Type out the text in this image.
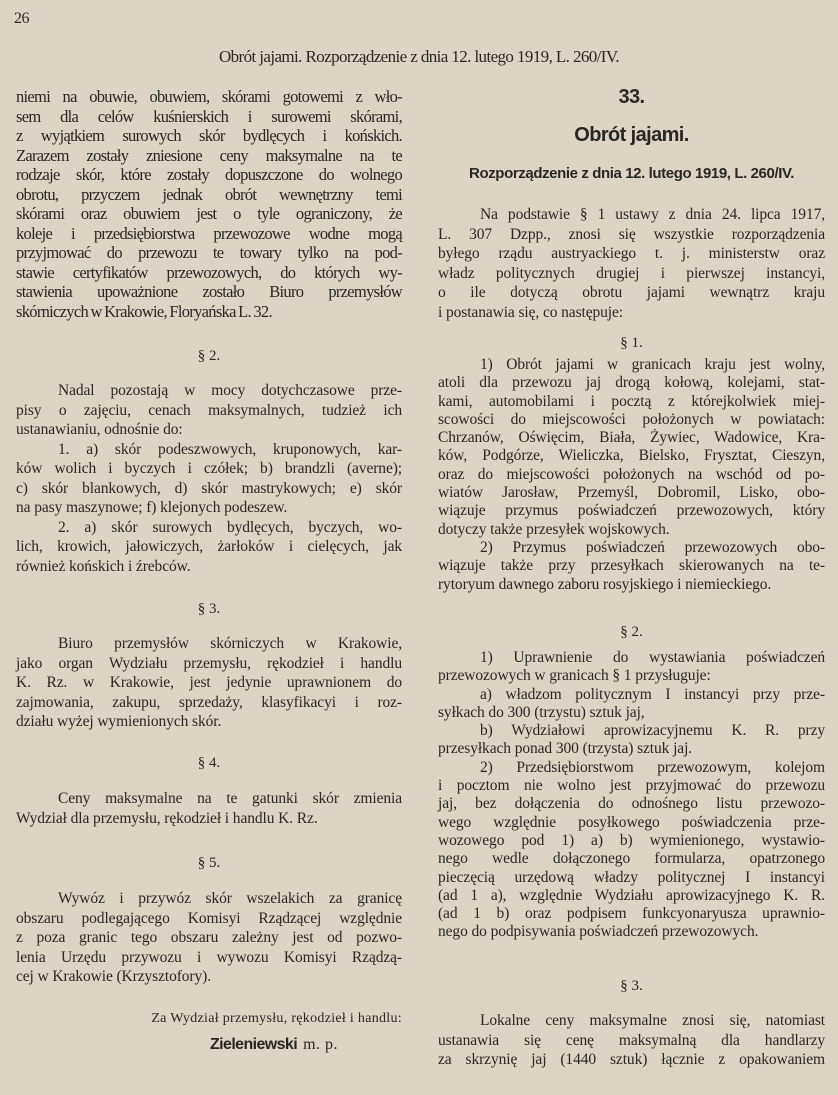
26
Obrót jajami. Rozporządzenie z dnia 12. lutego 1919, L. 260/IV.
niemi na obuwie, obuwiem, skórami gotowemi z wło-
sem dla celów kuśnierskich i surowemi skórami,
z wyjątkiem surowych skór bydlęcych i końskich.
Zarazem zostały zniesione ceny maksymalne na te
rodzaje skór, które zostały dopuszczone do wolnego
obrotu, przyczem jednak obrót wewnętrzny temi
skórami oraz obuwiem jest o tyle ograniczony, że
koleje i przedsiębiorstwa przewozowe wodne mogą
przyjmować do przewozu te towary tylko na pod-
stawie certyfikatów przewozowych, do których wy-
stawienia upoważnione zostało Biuro przemysłów
skórniczych w Krakowie, Floryańska L. 32.
§ 2.
Nadal pozostają w mocy dotychczasowe prze-
pisy o zajęciu, cenach maksymalnych, tudzież ich
ustanawianiu, odnośnie do:
1. a) skór podeszwowych, kruponowych, kar-
ków wolich i byczych i czółek; b) brandzli (averne);
c) skór blankowych, d) skór mastrykowych; e) skór
na pasy maszynowe; f) klejonych podeszew.
2. a) skór surowych bydlęcych, byczych, wo-
lich, krowich, jałowiczych, żarłoków i cielęcych, jak
również końskich i źrebców.
§ 3.
Biuro przemysłów skórniczych w Krakowie,
jako organ Wydziału przemysłu, rękodzieł i handlu
K. Rz. w Krakowie, jest jedynie uprawnionem do
zajmowania, zakupu, sprzedaży, klasyfikacyi i roz-
działu wyżej wymienionych skór.
§ 4.
Ceny maksymalne na te gatunki skór zmienia
Wydział dla przemysłu, rękodzieł i handlu K. Rz.
§ 5.
Wywóz i przywóz skór wszelakich za granicę
obszaru podlegającego Komisyi Rządzącej względnie
z poza granic tego obszaru zależny jest od pozwo-
lenia Urzędu przywozu i wywozu Komisyi Rządzą-
cej w Krakowie (Krzysztofory).
Za Wydział przemysłu, rękodzieł i handlu:
Zieleniewski m. p.
33.
Obrót jajami.
Rozporządzenie z dnia 12. lutego 1919, L. 260/IV.
Na podstawie § 1 ustawy z dnia 24. lipca 1917,
L. 307 Dzpp., znosi się wszystkie rozporządzenia
byłego rządu austryackiego t. j. ministerstw oraz
władz politycznych drugiej i pierwszej instancyi,
o ile dotyczą obrotu jajami wewnątrz kraju
i postanawia się, co następuje:
§ 1.
1) Obrót jajami w granicach kraju jest wolny,
atoli dla przewozu jaj drogą kołową, kolejami, stat-
kami, automobilami i pocztą z którejkolwiek miej-
scowości do miejscowości położonych w powiatach:
Chrzanów, Oświęcim, Biała, Żywiec, Wadowice, Kra-
ków, Podgórze, Wieliczka, Bielsko, Frysztat, Cieszyn,
oraz do miejscowości położonych na wschód od po-
wiatów Jarosław, Przemyśl, Dobromil, Lisko, obo-
wiązuje przymus poświadczeń przewozowych, który
dotyczy także przesyłek wojskowych.
2) Przymus poświadczeń przewozowych obo-
wiązuje także przy przesyłkach skierowanych na te-
rytoryum dawnego zaboru rosyjskiego i niemieckiego.
§ 2.
1) Uprawnienie do wystawiania poświadczeń
przewozowych w granicach § 1 przysługuje:
a) władzom politycznym I instancyi przy prze-
syłkach do 300 (trzystu) sztuk jaj,
b) Wydziałowi aprowizacyjnemu K. R. przy
przesyłkach ponad 300 (trzysta) sztuk jaj.
2) Przedsiębiorstwom przewozowym, kolejom
i pocztom nie wolno jest przyjmować do przewozu
jaj, bez dołączenia do odnośnego listu przewozo-
wego względnie posyłkowego poświadczenia prze-
wozowego pod 1) a) b) wymienionego, wystawio-
nego wedle dołączonego formularza, opatrzonego
pieczęcią urzędową władzy politycznej I instancyi
(ad 1 a), względnie Wydziału aprowizacyjnego K. R.
(ad 1 b) oraz podpisem funkcyonaryusza uprawnio-
nego do podpisywania poświadczeń przewozowych.
§ 3.
Lokalne ceny maksymalne znosi się, natomiast
ustanawia się cenę maksymalną dla handlarzy
za skrzynię jaj (1440 sztuk) łącznie z opakowaniem
